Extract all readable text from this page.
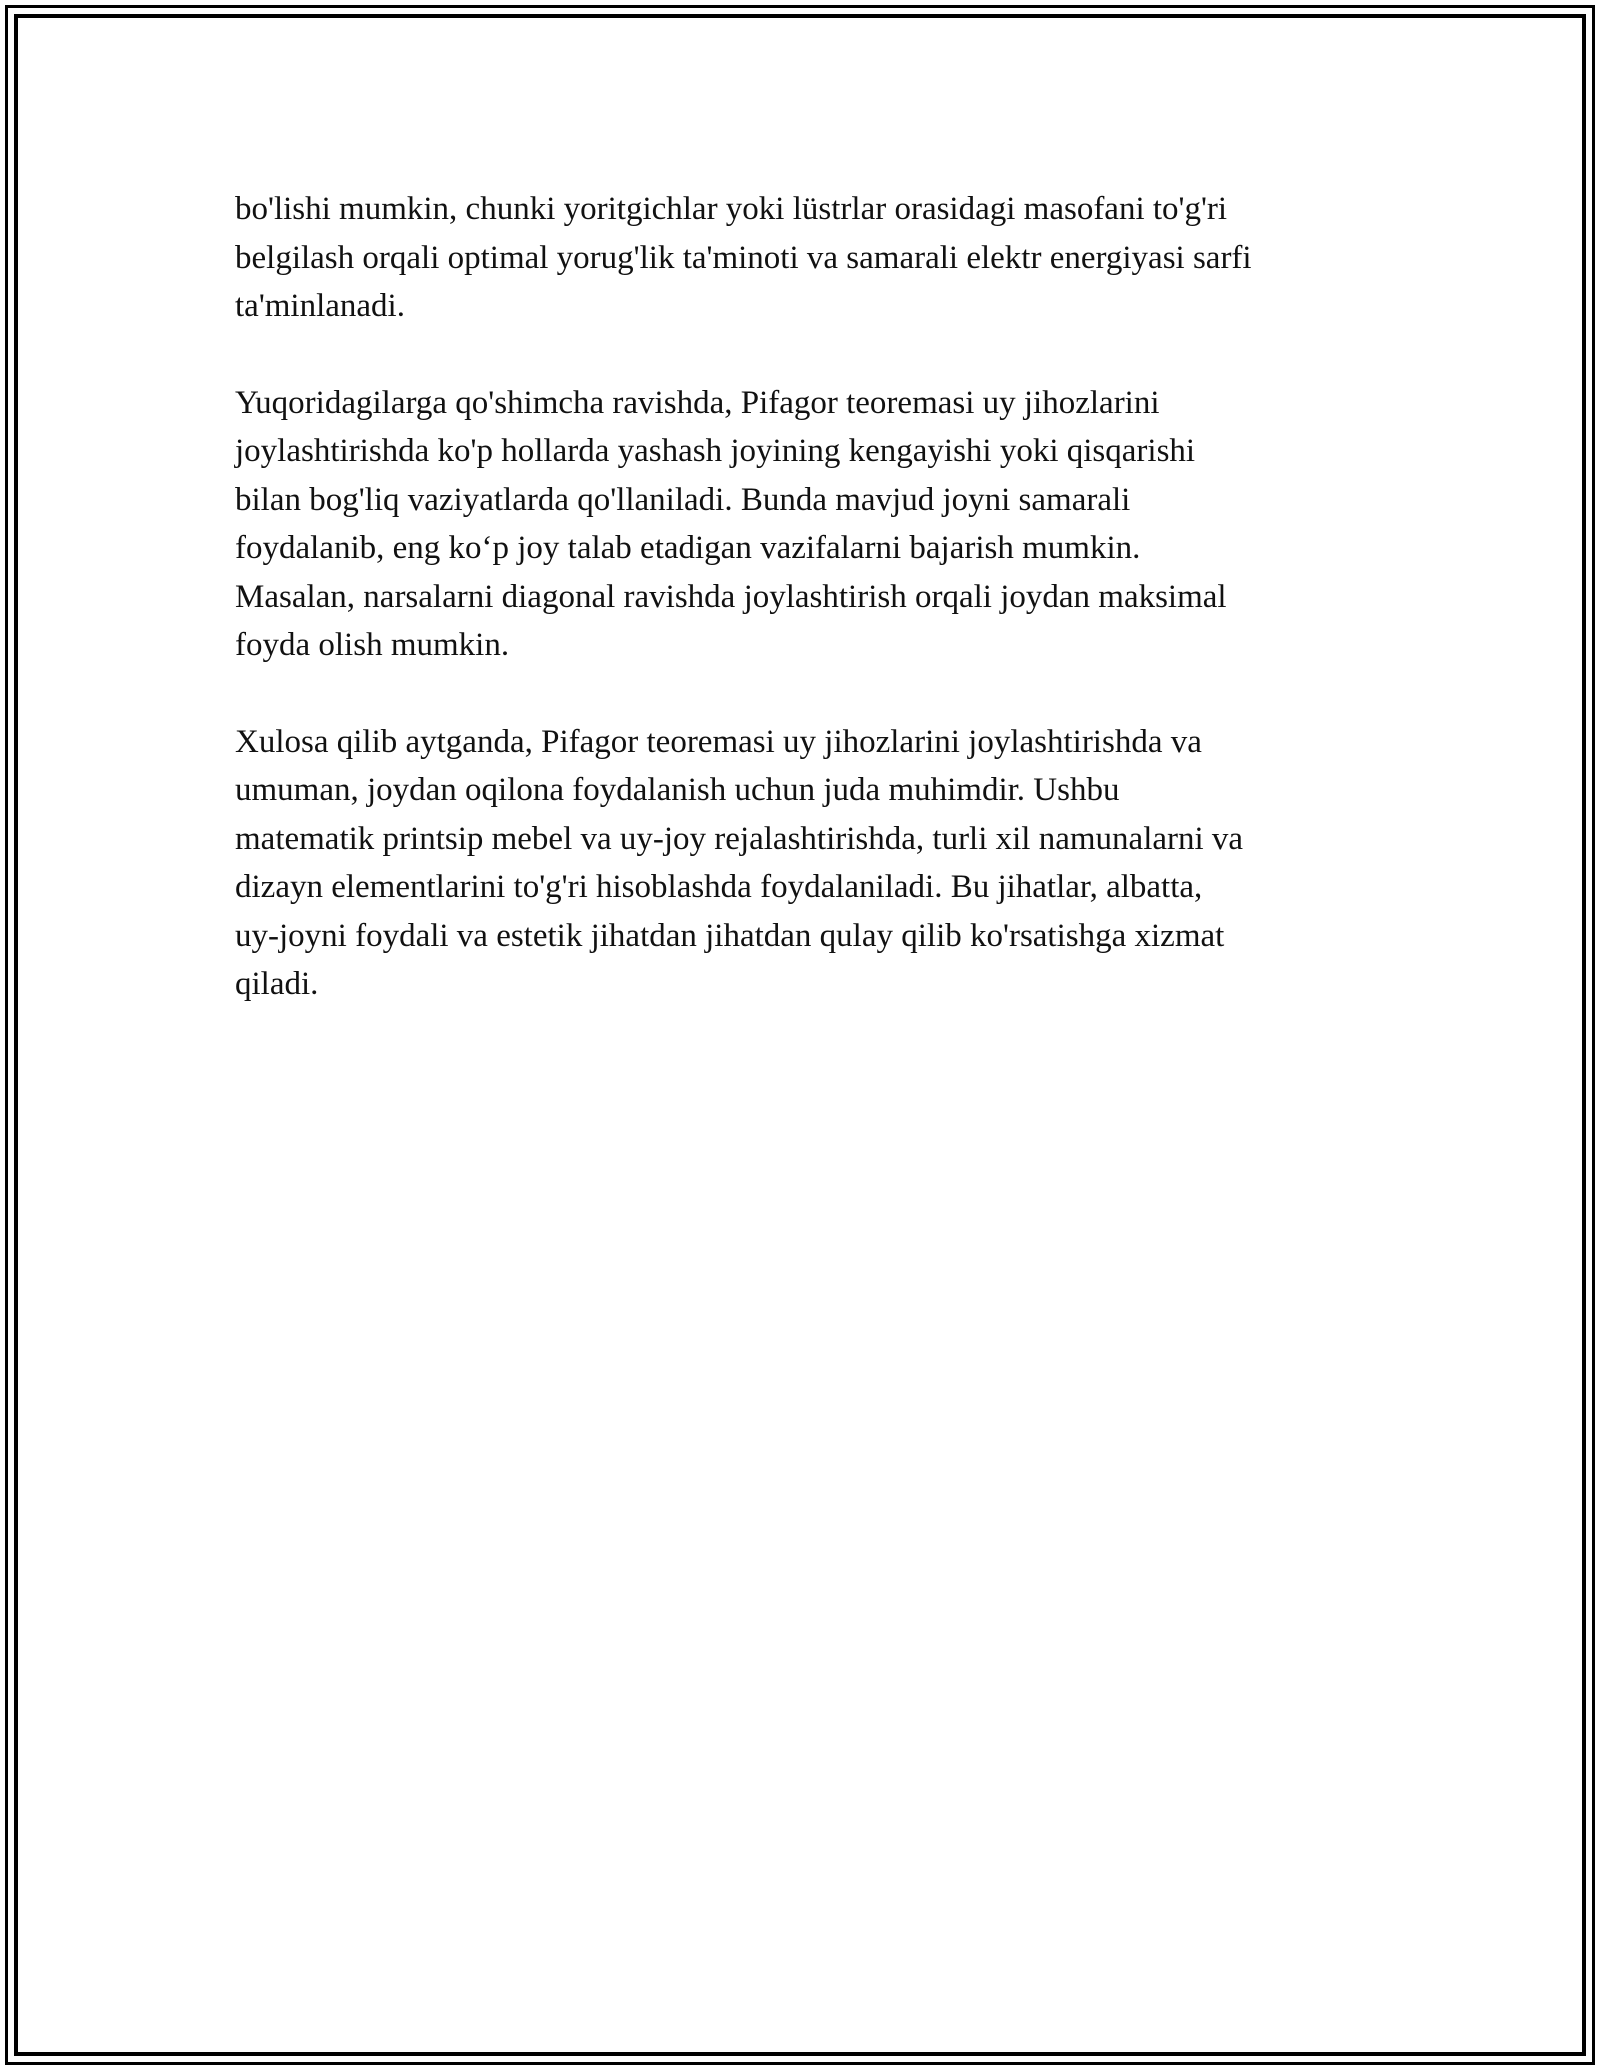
bo'lishi mumkin, chunki yoritgichlar yoki lüstrlar orasidagi masofani to'g'ri
belgilash orqali optimal yorug'lik ta'minoti va samarali elektr energiyasi sarfi
ta'minlanadi.

Yuqoridagilarga qo'shimcha ravishda, Pifagor teoremasi uy jihozlarini
joylashtirishda ko'p hollarda yashash joyining kengayishi yoki qisqarishi
bilan bog'liq vaziyatlarda qo'llaniladi. Bunda mavjud joyni samarali
foydalanib, eng ko‘p joy talab etadigan vazifalarni bajarish mumkin.
Masalan, narsalarni diagonal ravishda joylashtirish orqali joydan maksimal
foyda olish mumkin.

Xulosa qilib aytganda, Pifagor teoremasi uy jihozlarini joylashtirishda va
umuman, joydan oqilona foydalanish uchun juda muhimdir. Ushbu
matematik printsip mebel va uy-joy rejalashtirishda, turli xil namunalarni va
dizayn elementlarini to'g'ri hisoblashda foydalaniladi. Bu jihatlar, albatta,
uy-joyni foydali va estetik jihatdan jihatdan qulay qilib ko'rsatishga xizmat
qiladi.
